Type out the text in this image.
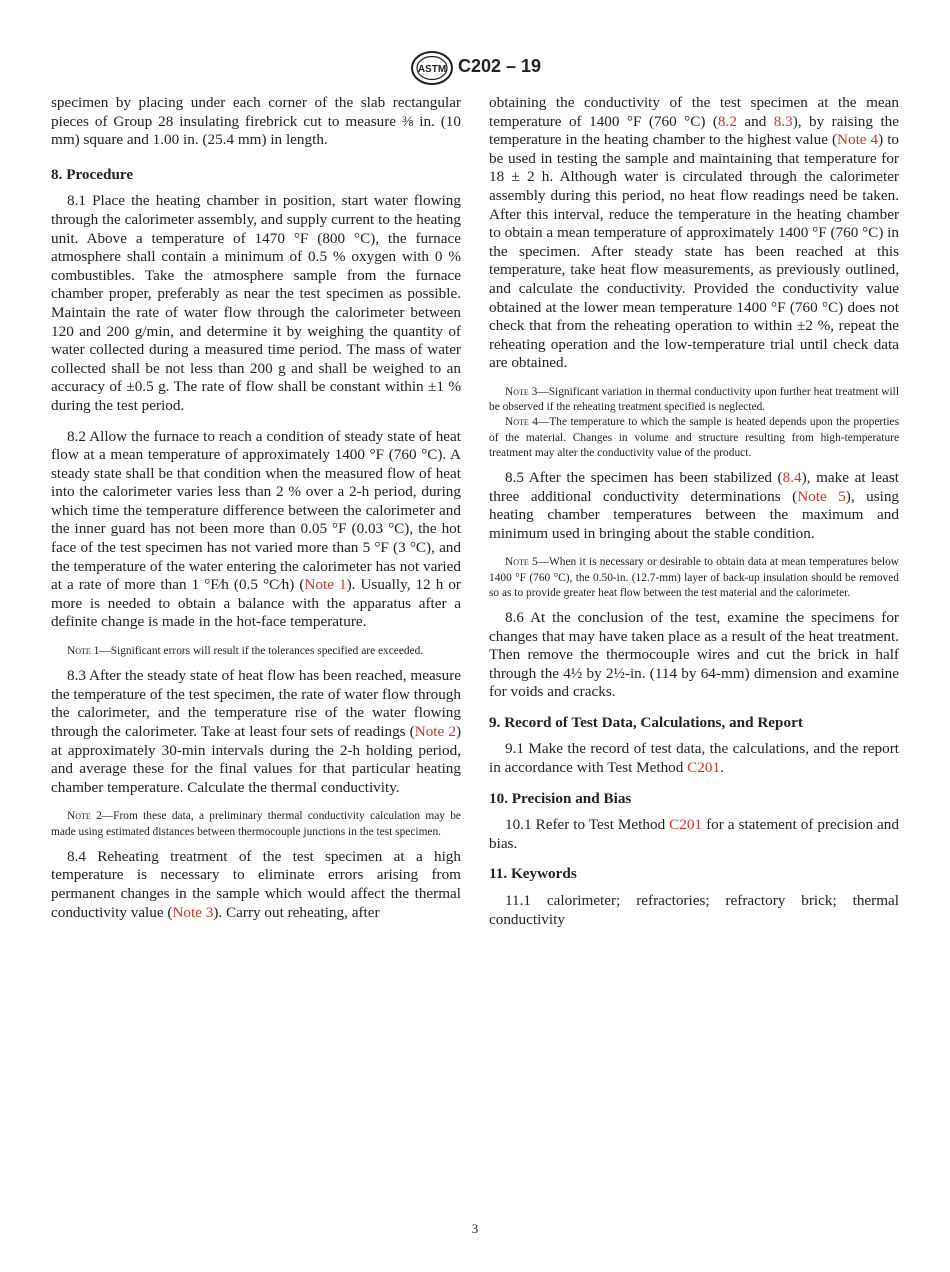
ASTM C202 – 19

specimen by placing under each corner of the slab rectangular pieces of Group 28 insulating firebrick cut to measure ⅜ in. (10 mm) square and 1.00 in. (25.4 mm) in length.

8. Procedure

8.1 Place the heating chamber in position, start water flowing through the calorimeter assembly, and supply current to the heating unit. Above a temperature of 1470 °F (800 °C), the furnace atmosphere shall contain a minimum of 0.5 % oxygen with 0 % combustibles. Take the atmosphere sample from the furnace chamber proper, preferably as near the test specimen as possible. Maintain the rate of water flow through the calorimeter between 120 and 200 g/min, and determine it by weighing the quantity of water collected during a measured time period. The mass of water collected shall be not less than 200 g and shall be weighed to an accuracy of ±0.5 g. The rate of flow shall be constant within ±1 % during the test period.

8.2 Allow the furnace to reach a condition of steady state of heat flow at a mean temperature of approximately 1400 °F (760 °C). A steady state shall be that condition when the measured flow of heat into the calorimeter varies less than 2 % over a 2-h period, during which time the temperature difference between the calorimeter and the inner guard has not been more than 0.05 °F (0.03 °C), the hot face of the test specimen has not varied more than 5 °F (3 °C), and the temperature of the water entering the calorimeter has not varied at a rate of more than 1 °F⁄h (0.5 °C⁄h) (Note 1). Usually, 12 h or more is needed to obtain a balance with the apparatus after a definite change is made in the hot-face temperature.

Note 1—Significant errors will result if the tolerances specified are exceeded.

8.3 After the steady state of heat flow has been reached, measure the temperature of the test specimen, the rate of water flow through the calorimeter, and the temperature rise of the water flowing through the calorimeter. Take at least four sets of readings (Note 2) at approximately 30-min intervals during the 2-h holding period, and average these for the final values for that particular heating chamber temperature. Calculate the thermal conductivity.

Note 2—From these data, a preliminary thermal conductivity calculation may be made using estimated distances between thermocouple junctions in the test specimen.

8.4 Reheating treatment of the test specimen at a high temperature is necessary to eliminate errors arising from permanent changes in the sample which would affect the thermal conductivity value (Note 3). Carry out reheating, after

obtaining the conductivity of the test specimen at the mean temperature of 1400 °F (760 °C) (8.2 and 8.3), by raising the temperature in the heating chamber to the highest value (Note 4) to be used in testing the sample and maintaining that temperature for 18 ± 2 h. Although water is circulated through the calorimeter assembly during this period, no heat flow readings need be taken. After this interval, reduce the temperature in the heating chamber to obtain a mean temperature of approximately 1400 °F (760 °C) in the specimen. After steady state has been reached at this temperature, take heat flow measurements, as previously outlined, and calculate the conductivity. Provided the conductivity value obtained at the lower mean temperature 1400 °F (760 °C) does not check that from the reheating operation to within ±2 %, repeat the reheating operation and the low-temperature trial until check data are obtained.

Note 3—Significant variation in thermal conductivity upon further heat treatment will be observed if the reheating treatment specified is neglected.

Note 4—The temperature to which the sample is heated depends upon the properties of the material. Changes in volume and structure resulting from high-temperature treatment may alter the conductivity value of the product.

8.5 After the specimen has been stabilized (8.4), make at least three additional conductivity determinations (Note 5), using heating chamber temperatures between the maximum and minimum used in bringing about the stable condition.

Note 5—When it is necessary or desirable to obtain data at mean temperatures below 1400 °F (760 °C), the 0.50-in. (12.7-mm) layer of back-up insulation should be removed so as to provide greater heat flow between the test material and the calorimeter.

8.6 At the conclusion of the test, examine the specimens for changes that may have taken place as a result of the heat treatment. Then remove the thermocouple wires and cut the brick in half through the 4½ by 2½-in. (114 by 64-mm) dimension and examine for voids and cracks.

9. Record of Test Data, Calculations, and Report

9.1 Make the record of test data, the calculations, and the report in accordance with Test Method C201.

10. Precision and Bias

10.1 Refer to Test Method C201 for a statement of precision and bias.

11. Keywords

11.1 calorimeter; refractories; refractory brick; thermal conductivity

3
